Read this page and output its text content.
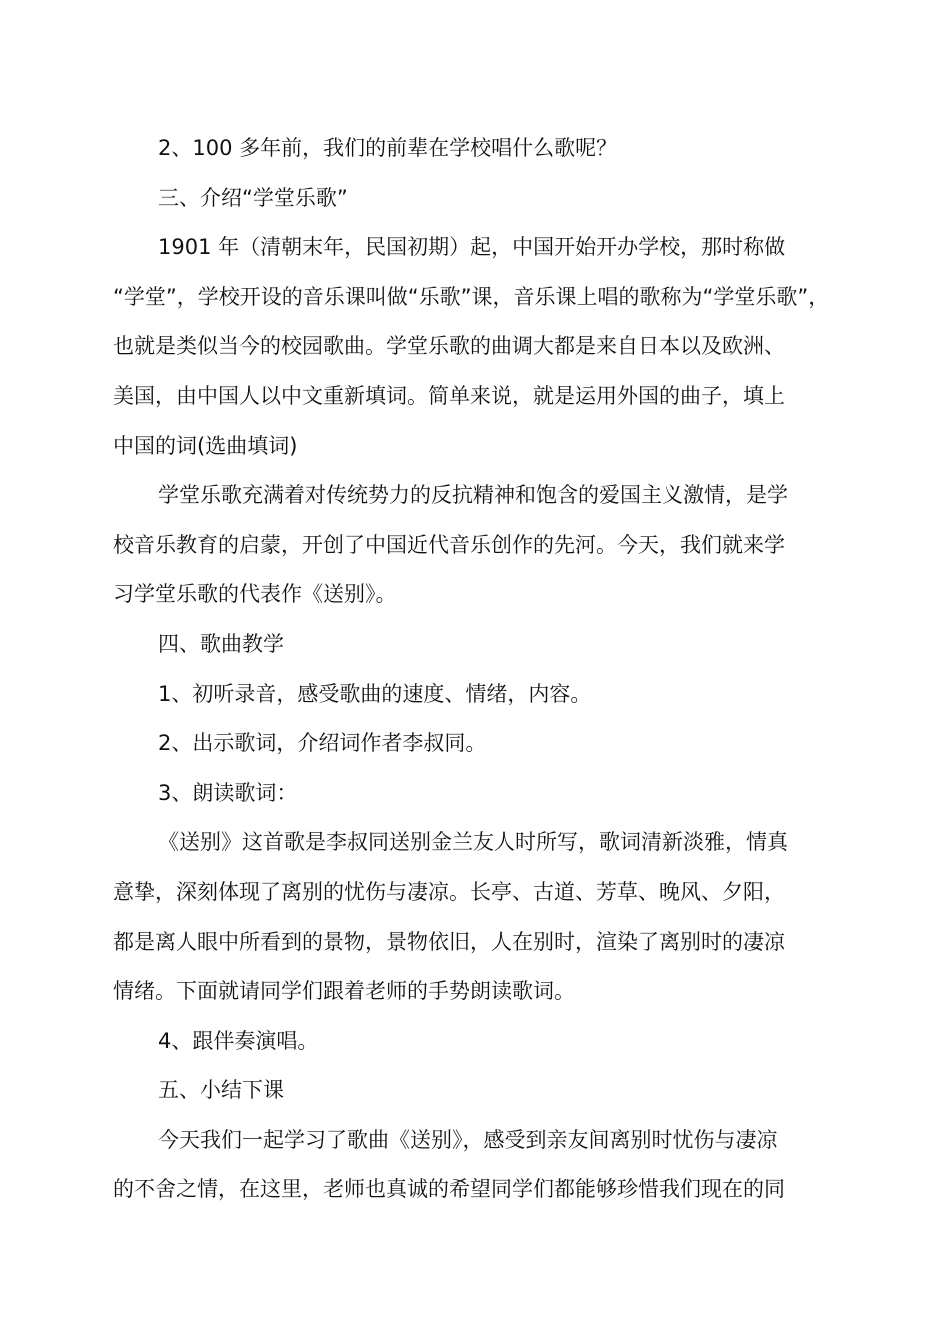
2、100 多年前，我们的前辈在学校唱什么歌呢？

三、介绍“学堂乐歌”

1901 年（清朝末年，民国初期）起，中国开始开办学校，那时称做

“学堂”，学校开设的音乐课叫做“乐歌”课，音乐课上唱的歌称为“学堂乐歌”，

也就是类似当今的校园歌曲。学堂乐歌的曲调大都是来自日本以及欧洲、

美国，由中国人以中文重新填词。简单来说，就是运用外国的曲子，填上

中国的词(选曲填词)

学堂乐歌充满着对传统势力的反抗精神和饱含的爱国主义激情，是学

校音乐教育的启蒙，开创了中国近代音乐创作的先河。今天，我们就来学

习学堂乐歌的代表作《送别》。

四、歌曲教学

1、初听录音，感受歌曲的速度、情绪，内容。

2、出示歌词，介绍词作者李叔同。

3、朗读歌词：

《送别》这首歌是李叔同送别金兰友人时所写，歌词清新淡雅，情真

意挚，深刻体现了离别的忧伤与凄凉。长亭、古道、芳草、晚风、夕阳，

都是离人眼中所看到的景物，景物依旧，人在别时，渲染了离别时的凄凉

情绪。下面就请同学们跟着老师的手势朗读歌词。

4、跟伴奏演唱。

五、小结下课

今天我们一起学习了歌曲《送别》，感受到亲友间离别时忧伤与凄凉

的不舍之情，在这里，老师也真诚的希望同学们都能够珍惜我们现在的同
